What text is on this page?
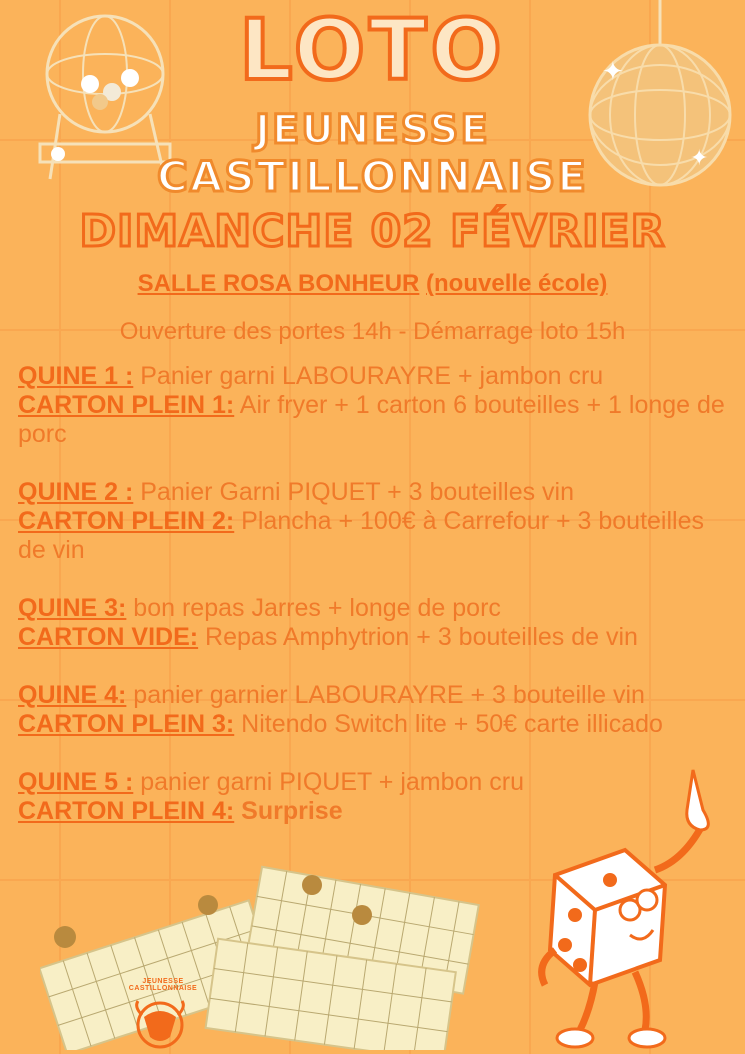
✦
✦
LOTO
JEUNESSE
CASTILLONNAISE
DIMANCHE 02 FÉVRIER
SALLE ROSA BONHEUR (nouvelle école)
Ouverture des portes 14h - Démarrage loto 15h
QUINE 1 : Panier garni LABOURAYRE + jambon cru
CARTON PLEIN 1: Air fryer + 1 carton 6 bouteilles + 1 longe de porc
QUINE 2 : Panier Garni PIQUET + 3 bouteilles vin
CARTON PLEIN 2: Plancha + 100€ à Carrefour + 3 bouteilles de vin
QUINE 3: bon repas Jarres + longe de porc
CARTON VIDE: Repas Amphytrion + 3 bouteilles de vin
QUINE 4: panier garnier LABOURAYRE + 3 bouteille vin
CARTON PLEIN 3: Nitendo Switch lite + 50€ carte illicado
QUINE 5 : panier garni PIQUET + jambon cru
CARTON PLEIN 4: Surprise
JEUNESSE CASTILLONNAISE
